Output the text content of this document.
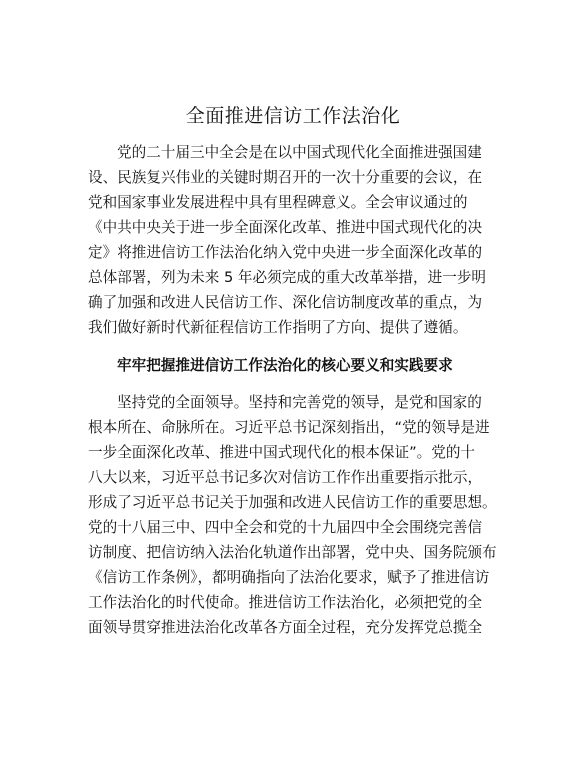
全面推进信访工作法治化
党的二十届三中全会是在以中国式现代化全面推进强国建
设、民族复兴伟业的关键时期召开的一次十分重要的会议，在
党和国家事业发展进程中具有里程碑意义。全会审议通过的
《中共中央关于进一步全面深化改革、推进中国式现代化的决
定》将推进信访工作法治化纳入党中央进一步全面深化改革的
总体部署，列为未来 5 年必须完成的重大改革举措，进一步明
确了加强和改进人民信访工作、深化信访制度改革的重点，为
我们做好新时代新征程信访工作指明了方向、提供了遵循。
牢牢把握推进信访工作法治化的核心要义和实践要求
坚持党的全面领导。坚持和完善党的领导，是党和国家的
根本所在、命脉所在。习近平总书记深刻指出，“党的领导是进
一步全面深化改革、推进中国式现代化的根本保证”。党的十
八大以来，习近平总书记多次对信访工作作出重要指示批示，
形成了习近平总书记关于加强和改进人民信访工作的重要思想。
党的十八届三中、四中全会和党的十九届四中全会围绕完善信
访制度、把信访纳入法治化轨道作出部署，党中央、国务院颁布
《信访工作条例》，都明确指向了法治化要求，赋予了推进信访
工作法治化的时代使命。推进信访工作法治化，必须把党的全
面领导贯穿推进法治化改革各方面全过程，充分发挥党总揽全
